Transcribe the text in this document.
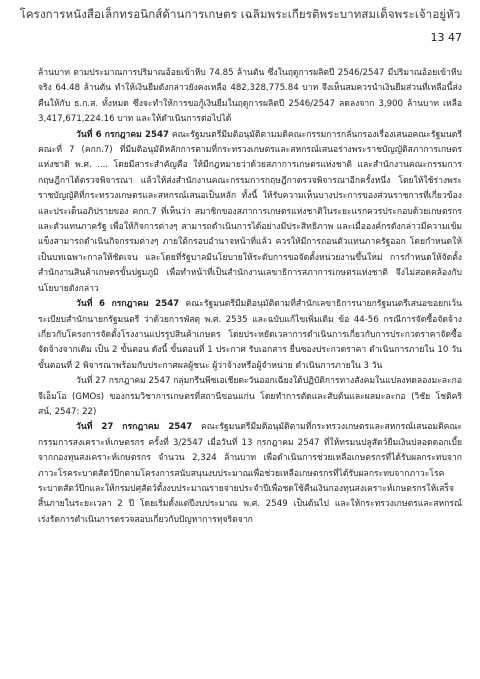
โครงการหนังสือเล็กทรอนิกส์ด้านการเกษตร เฉลิมพระเกียรติพระบาทสมเด็จพระเจ้าอยู่หัว
13 47

ล้านบาท ตามประมาณการปริมาณอ้อยเข้าหีบ 74.85 ล้านตัน ซึ่งในฤดูการผลิตปี 2546/2547 มีปริมาณอ้อยเข้าหีบจริง 64.48 ล้านตัน ทำให้เงินยืมดังกล่าวยังคงเหลือ 482,328,775.84 บาท จึงเห็นสมควรนำเงินยืมส่วนที่เหลือนี้ส่งคืนให้กับ ธ.ก.ส. ทั้งหมด ซึ่งจะทำให้การขอกู้เงินยืมในฤดูการผลิตปี 2546/2547 ลดลงจาก 3,900 ล้านบาท เหลือ 3,417,671,224.16 บาท และให้ดำเนินการต่อไปได้

วันที่ 6 กรกฎาคม 2547 คณะรัฐมนตรีมีมติอนุมัติตามมติคณะกรรมการกลั่นกรองเรื่องเสนอคณะรัฐมนตรี คณะที่ 7 (คกก.7) ที่มีมติอนุมัติหลักการตามที่กระทรวงเกษตรและสหกรณ์เสนอร่างพระราชบัญญัติสภาการเกษตรแห่งชาติ พ.ศ. .... โดยมีสาระสำคัญคือ ให้มีกฎหมายว่าด้วยสภาการเกษตรแห่งชาติ และสำนักงานคณะกรรมการกฤษฎีกาได้ตรวจพิจารณา แล้วให้ส่งสำนักงานคณะกรรมการกฤษฎีกาตรวจพิจารณาอีกครั้งหนึ่ง โดยให้ใช้ร่างพระราชบัญญัติที่กระทรวงเกษตรและสหกรณ์เสนอเป็นหลัก ทั้งนี้ ให้รับความเห็นบางประการของส่วนราชการที่เกี่ยวข้อง และประเด็นอภิปรายของ คกก.7 ที่เห็นว่า สมาชิกของสภาการเกษตรแห่งชาติในระยะแรกควรประกอบด้วยเกษตรกรและตัวแทนภาครัฐ เพื่อให้กิจการต่างๆ สามารถดำเนินการได้อย่างมีประสิทธิภาพ และเมื่อองค์กรดังกล่าวมีความเข้มแข็งสามารถดำเนินกิจกรรมต่างๆ ภายใต้กรอบอำนาจหน้าที่แล้ว ควรให้มีการถอนตัวแทนภาครัฐออก โดยกำหนดให้เป็นบทเฉพาะกาลให้ชัดเจน และโดยที่รัฐบาลมีนโยบายให้ระดับการขอจัดตั้งหน่วยงานขึ้นใหม่ การกำหนดให้จัดตั้งสำนักงานสินค้าเกษตรขั้นปฐมภูมิ เพื่อทำหน้าที่เป็นสำนักงานเลขาธิการสภาการเกษตรแห่งชาติ จึงไม่สอดคล้องกับนโยบายดังกล่าว

วันที่ 6 กรกฎาคม 2547 คณะรัฐมนตรีมีมติอนุมัติตามที่สำนักเลขาธิการนายกรัฐมนตรีเสนอขอยกเว้นระเบียบสำนักนายกรัฐมนตรี ว่าด้วยการพัสดุ พ.ศ. 2535 และฉบับแก้ไขเพิ่มเติม ข้อ 44-56 กรณีการจัดซื้อจัดจ้างเกี่ยวกับโครงการจัดตั้งโรงงานแปรรูปสินค้าเกษตร โดยประหยัดเวลาการดำเนินการเกี่ยวกับการประกวดราคาจัดซื้อจัดจ้างจากเดิม เป็น 2 ขั้นตอน ดังนี้ ขั้นตอนที่ 1 ประกาศ รับเอกสาร ยื่นซองประกวดราคา ดำเนินการภายใน 10 วัน ขั้นตอนที่ 2 พิจารณาพร้อมกับประกาศผลผู้ชนะ ผู้ว่าจ้างหรือผู้จำหน่าย ดำเนินการภายใน 3 วัน

วันที่ 27 กรกฎาคม 2547 กลุ่มกรีนพีซเอเชียตะวันออกเฉียงใต้ปฏิบัติการทางสังคมในแปลงทดลองมะละกอจีเอ็มโอ (GMOs) ของกรมวิชาการเกษตรที่สถานีขอนแก่น โดยทำการตัดและสับต้นและผลมะละกอ (วิชัย โชติคริสน์, 2547: 22)

วันที่ 27 กรกฎาคม 2547 คณะรัฐมนตรีมีมติอนุมัติตามที่กระทรวงเกษตรและสหกรณ์เสนอมติคณะกรรมการสงเคราะห์เกษตรกร ครั้งที่ 3/2547 เมื่อวันที่ 13 กรกฎาคม 2547 ที่ให้ทรมนปลูสัตว์ยืมเงินปลอดดอกเบี้ยจากกองทุนสงเคราะห์เกษตรกร จำนวน 2,324 ล้านบาท เพื่อดำเนินการช่วยเหลือเกษตรกรที่ได้รับผลกระทบจากภาวะโรคระบาดสัตว์ปีกตามโครงการสนับสนุนงบประมาณเพื่อช่วยเหลือเกษตรกรที่ได้รับผลกระทบจากภาวะโรคระบาดสัตว์ปีกและให้กรมปศุสัตว์ตั้งงบประมาณรายจ่ายประจำปีเพื่อชดใช้คืนเงินกองทุนสงเคราะห์เกษตรกรให้เสร็จสิ้นภายในระยะเวลา 2 ปี โดยเริ่มตั้งแต่ปีงบประมาณ พ.ศ. 2549 เป็นต้นไป และให้กระทรวงเกษตรและสหกรณ์เร่งรัดการดำเนินการตรวจสอบเกี่ยวกับปัญหาการทุจริตจาก
